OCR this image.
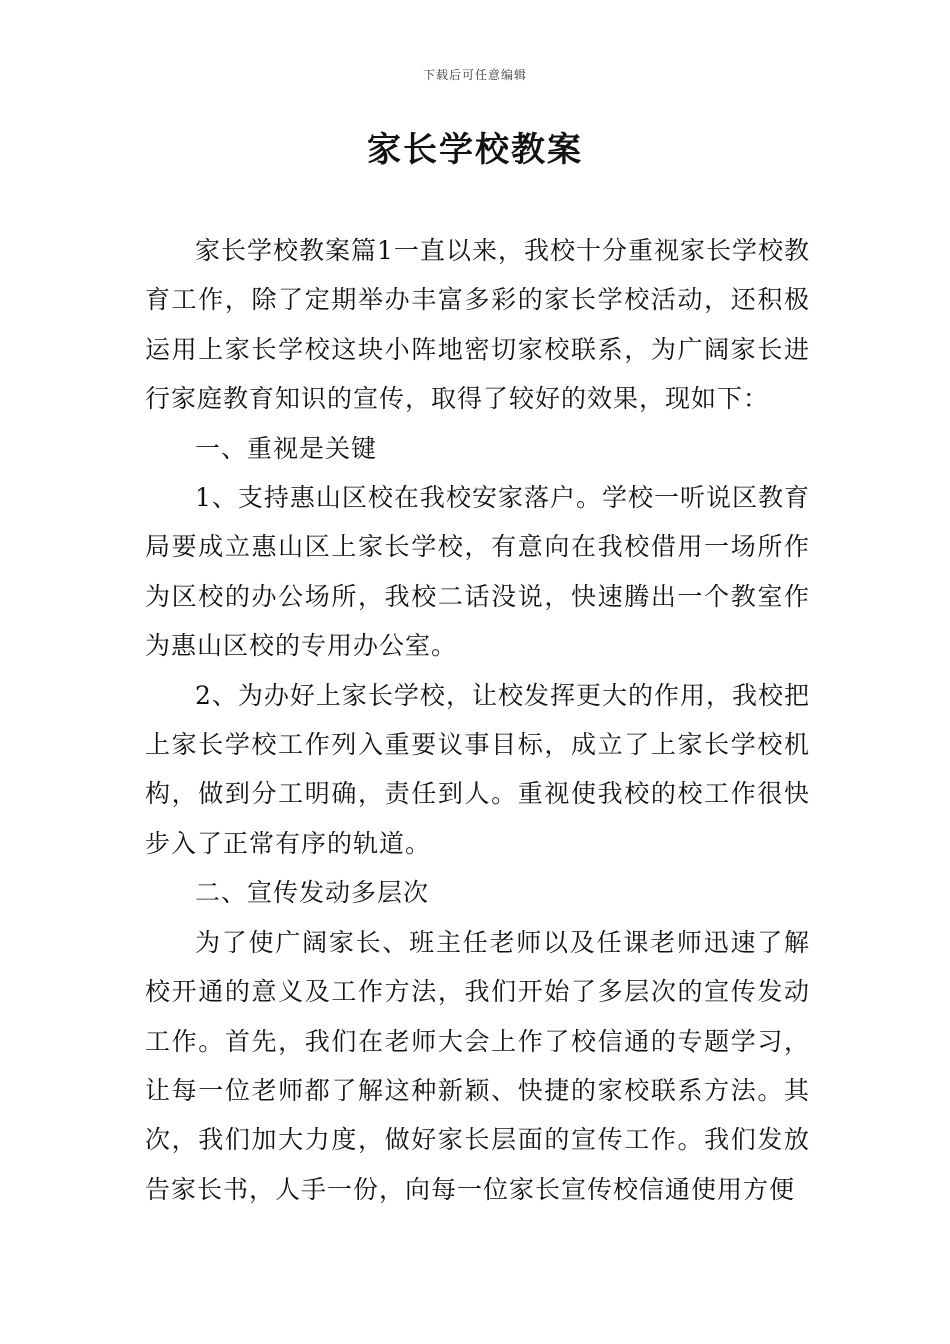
下载后可任意编辑
家长学校教案

家长学校教案篇1一直以来，我校十分重视家长学校教育工作，除了定期举办丰富多彩的家长学校活动，还积极运用上家长学校这块小阵地密切家校联系，为广阔家长进行家庭教育知识的宣传，取得了较好的效果，现如下：

一、重视是关键

1、支持惠山区校在我校安家落户。学校一听说区教育局要成立惠山区上家长学校，有意向在我校借用一场所作为区校的办公场所，我校二话没说，快速腾出一个教室作为惠山区校的专用办公室。

2、为办好上家长学校，让校发挥更大的作用，我校把上家长学校工作列入重要议事目标，成立了上家长学校机构，做到分工明确，责任到人。重视使我校的校工作很快步入了正常有序的轨道。

二、宣传发动多层次

为了使广阔家长、班主任老师以及任课老师迅速了解校开通的意义及工作方法，我们开始了多层次的宣传发动工作。首先，我们在老师大会上作了校信通的专题学习，让每一位老师都了解这种新颖、快捷的家校联系方法。其次，我们加大力度，做好家长层面的宣传工作。我们发放告家长书，人手一份，向每一位家长宣传校信通使用方便
